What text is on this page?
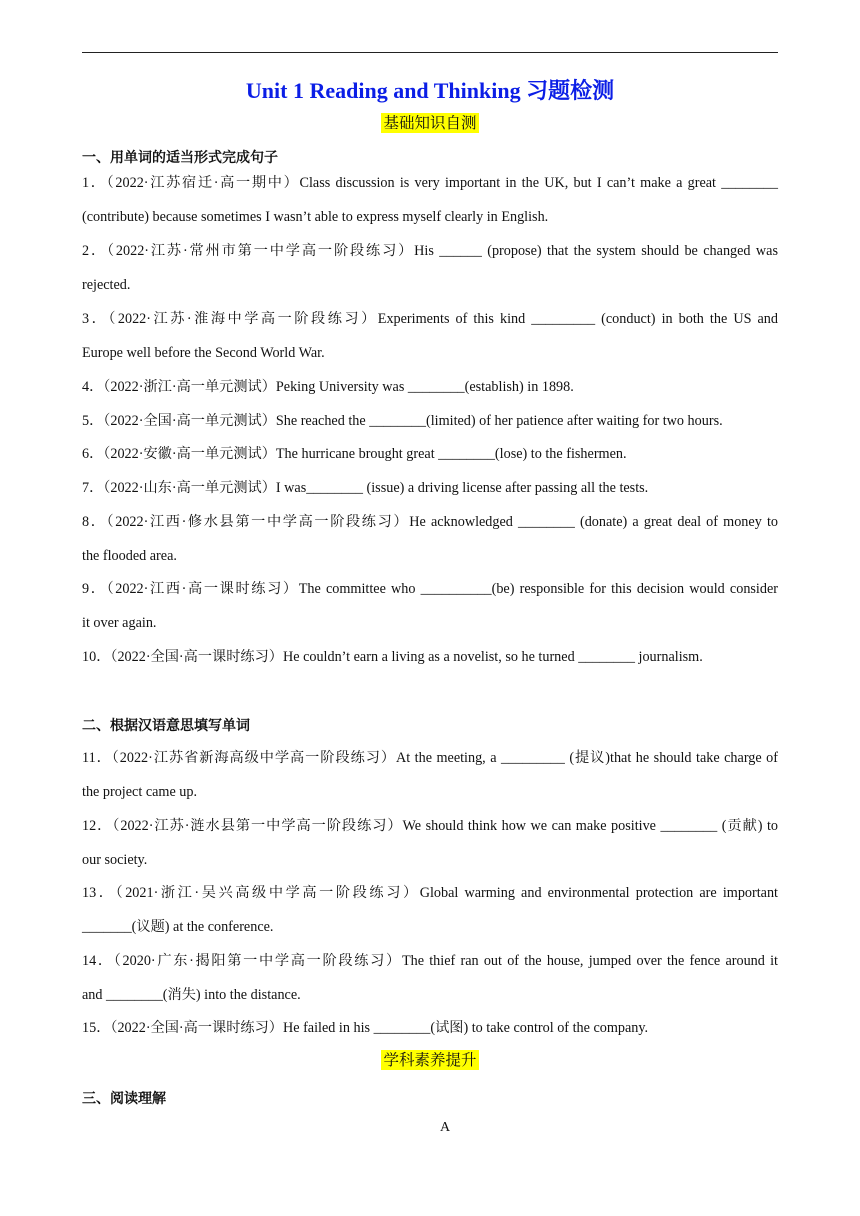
Unit 1 Reading and Thinking 习题检测
基础知识自测
一、用单词的适当形式完成句子
1．（2022·江苏宿迁·高一期中）Class discussion is very important in the UK, but I can’t make a great ________
(contribute) because sometimes I wasn’t able to express myself clearly in English.
2．（2022·江苏·常州市第一中学高一阶段练习）His ______ (propose) that the system should be changed was
rejected.
3．（2022·江苏·淮海中学高一阶段练习）Experiments of this kind _________ (conduct) in both the US and
Europe well before the Second World War.
4．（2022·浙江·高一单元测试）Peking University was ________(establish) in 1898.
5．（2022·全国·高一单元测试）She reached the ________(limited) of her patience after waiting for two hours.
6．（2022·安徽·高一单元测试）The hurricane brought great ________(lose) to the fishermen.
7．（2022·山东·高一单元测试）I was________ (issue) a driving license after passing all the tests.
8．（2022·江西·修水县第一中学高一阶段练习）He acknowledged ________ (donate) a great deal of money to
the flooded area.
9．（2022·江西·高一课时练习）The committee who __________(be) responsible for this decision would consider
it over again.
10．（2022·全国·高一课时练习）He couldn’t earn a living as a novelist, so he turned ________ journalism.
二、根据汉语意思填写单词
11．（2022·江苏省新海高级中学高一阶段练习）At the meeting, a _________ (提议)that he should take charge of
the project came up.
12．（2022·江苏·涟水县第一中学高一阶段练习）We should think how we can make positive ________ (贡献) to
our society.
13．（2021·浙江·吴兴高级中学高一阶段练习）Global warming and environmental protection are important
_______(议题) at the conference.
14．（2020·广东·揭阳第一中学高一阶段练习）The thief ran out of the house, jumped over the fence around it
and ________(消失) into the distance.
15．（2022·全国·高一课时练习）He failed in his ________(试图) to take control of the company.
学科素养提升
三、阅读理解
A
